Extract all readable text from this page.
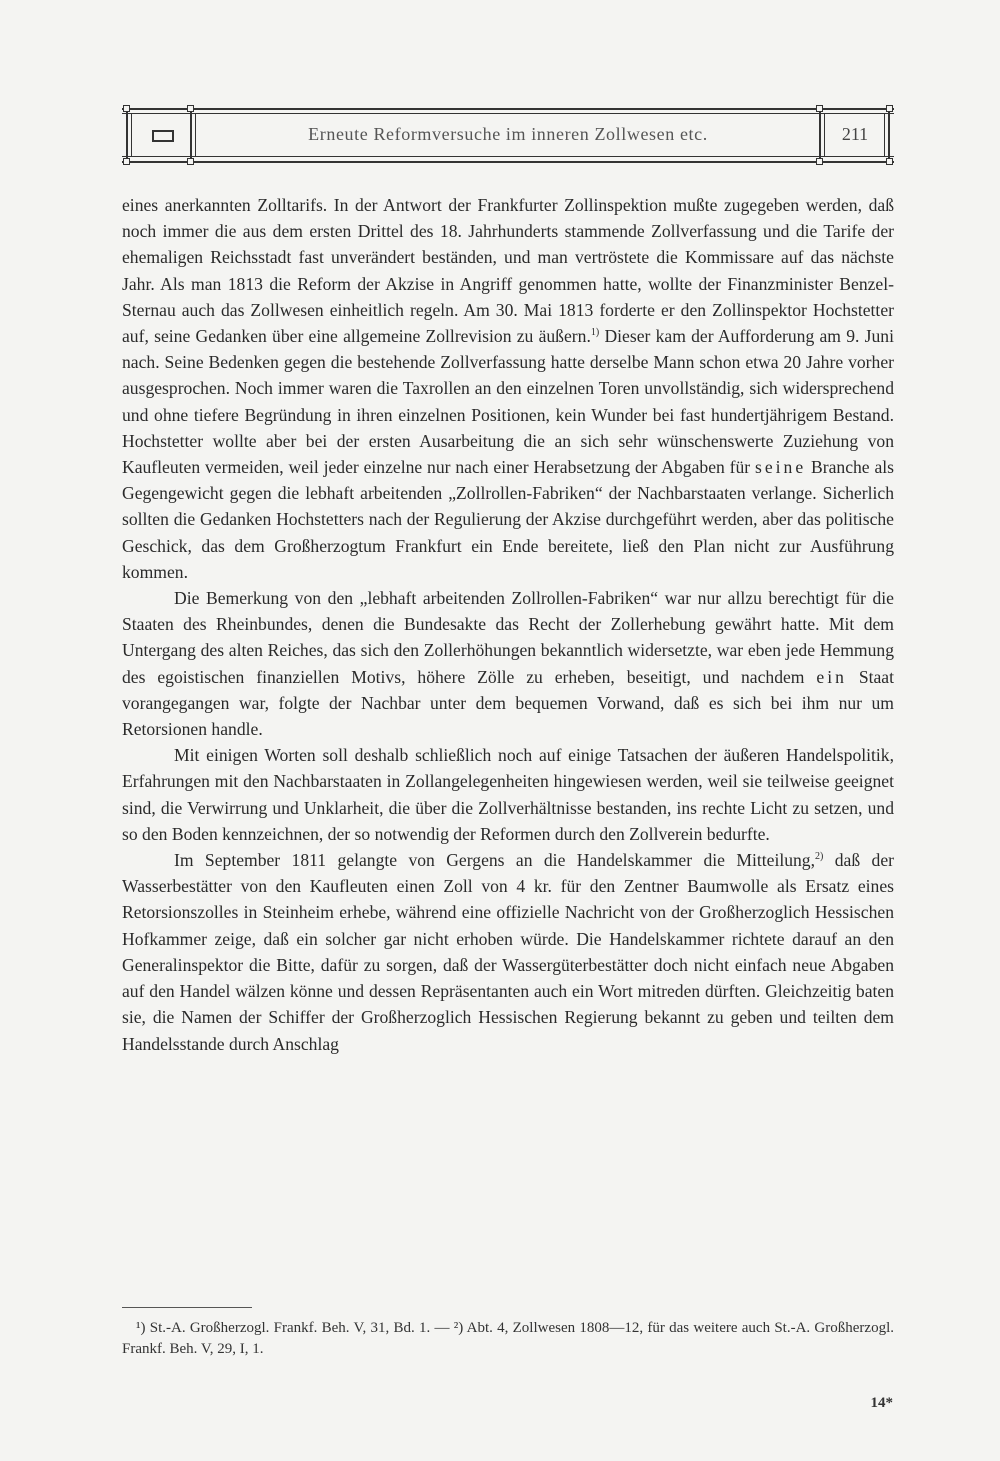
Erneute Reformversuche im inneren Zollwesen etc.	211

eines anerkannten Zolltarifs. In der Antwort der Frankfurter Zollinspektion mußte zugegeben werden, daß noch immer die aus dem ersten Drittel des 18. Jahrhunderts stammende Zollverfassung und die Tarife der ehemaligen Reichsstadt fast unverändert beständen, und man vertröstete die Kommissare auf das nächste Jahr. Als man 1813 die Reform der Akzise in Angriff genommen hatte, wollte der Finanzminister Benzel-Sternau auch das Zollwesen einheitlich regeln. Am 30. Mai 1813 forderte er den Zollinspektor Hochstetter auf, seine Gedanken über eine allgemeine Zollrevision zu äußern.$^{1)}$ Dieser kam der Aufforderung am 9. Juni nach. Seine Bedenken gegen die bestehende Zollverfassung hatte derselbe Mann schon etwa 20 Jahre vorher ausgesprochen. Noch immer waren die Taxrollen an den einzelnen Toren unvollständig, sich widersprechend und ohne tiefere Begründung in ihren einzelnen Positionen, kein Wunder bei fast hundertjährigem Bestand. Hochstetter wollte aber bei der ersten Ausarbeitung die an sich sehr wünschenswerte Zuziehung von Kaufleuten vermeiden, weil jeder einzelne nur nach einer Herabsetzung der Abgaben für seine Branche als Gegengewicht gegen die lebhaft arbeitenden „Zollrollen-Fabriken“ der Nachbarstaaten verlange. Sicherlich sollten die Gedanken Hochstetters nach der Regulierung der Akzise durchgeführt werden, aber das politische Geschick, das dem Großherzogtum Frankfurt ein Ende bereitete, ließ den Plan nicht zur Ausführung kommen.

Die Bemerkung von den „lebhaft arbeitenden Zollrollen-Fabriken“ war nur allzu berechtigt für die Staaten des Rheinbundes, denen die Bundesakte das Recht der Zollerhebung gewährt hatte. Mit dem Untergang des alten Reiches, das sich den Zollerhöhungen bekanntlich widersetzte, war eben jede Hemmung des egoistischen finanziellen Motivs, höhere Zölle zu erheben, beseitigt, und nachdem ein Staat vorangegangen war, folgte der Nachbar unter dem bequemen Vorwand, daß es sich bei ihm nur um Retorsionen handle.

Mit einigen Worten soll deshalb schließlich noch auf einige Tatsachen der äußeren Handelspolitik, Erfahrungen mit den Nachbarstaaten in Zollangelegenheiten hingewiesen werden, weil sie teilweise geeignet sind, die Verwirrung und Unklarheit, die über die Zollverhältnisse bestanden, ins rechte Licht zu setzen, und so den Boden kennzeichnen, der so notwendig der Reformen durch den Zollverein bedurfte.

Im September 1811 gelangte von Gergens an die Handelskammer die Mitteilung,$^{2)}$ daß der Wasserbestätter von den Kaufleuten einen Zoll von 4 kr. für den Zentner Baumwolle als Ersatz eines Retorsionszolles in Steinheim erhebe, während eine offizielle Nachricht von der Großherzoglich Hessischen Hofkammer zeige, daß ein solcher gar nicht erhoben würde. Die Handelskammer richtete darauf an den Generalinspektor die Bitte, dafür zu sorgen, daß der Wassergüterbestätter doch nicht einfach neue Abgaben auf den Handel wälzen könne und dessen Repräsentanten auch ein Wort mitreden dürften. Gleichzeitig baten sie, die Namen der Schiffer der Großherzoglich Hessischen Regierung bekannt zu geben und teilten dem Handelsstande durch Anschlag

¹) St.-A. Großherzogl. Frankf. Beh. V, 31, Bd. 1. — ²) Abt. 4, Zollwesen 1808—12, für das weitere auch St.-A. Großherzogl. Frankf. Beh. V, 29, I, 1.

14*
